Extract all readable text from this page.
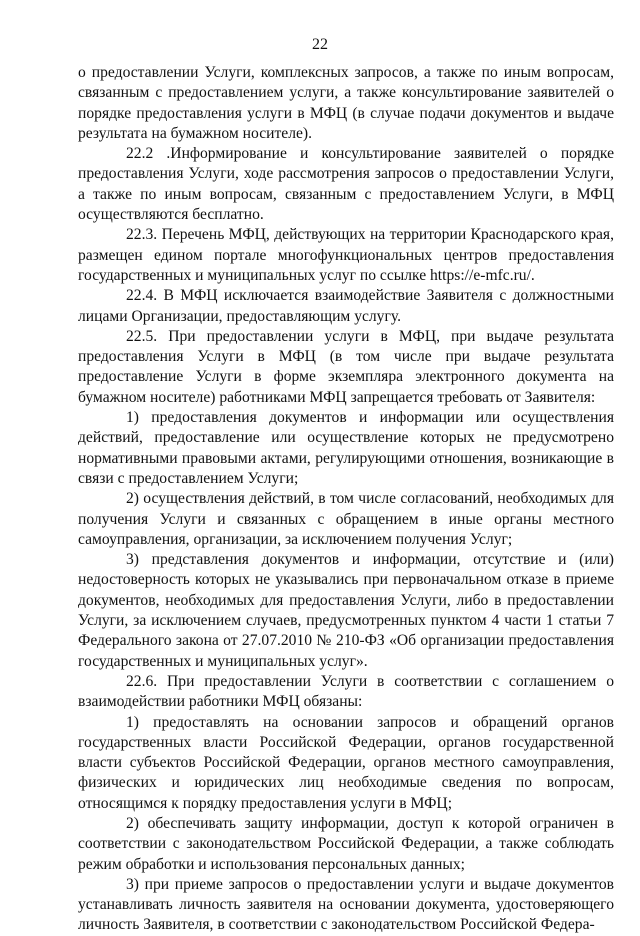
22

о предоставлении Услуги, комплексных запросов, а также по иным вопросам, связанным с предоставлением услуги, а также консультирование заявителей о порядке предоставления услуги в МФЦ (в случае подачи документов и выдаче результата на бумажном носителе).

22.2 .Информирование и консультирование заявителей о порядке предоставления Услуги, ходе рассмотрения запросов о предоставлении Услуги, а также по иным вопросам, связанным с предоставлением Услуги, в МФЦ осуществляются бесплатно.

22.3. Перечень МФЦ, действующих на территории Краснодарского края, размещен едином портале многофункциональных центров предоставления государственных и муниципальных услуг по ссылке https://e-mfc.ru/.

22.4. В МФЦ исключается взаимодействие Заявителя с должностными лицами Организации, предоставляющим услугу.

22.5. При предоставлении услуги в МФЦ, при выдаче результата предоставления Услуги в МФЦ (в том числе при выдаче результата предоставление Услуги в форме экземпляра электронного документа на бумажном носителе) работниками МФЦ запрещается требовать от Заявителя:

1) предоставления документов и информации или осуществления действий, предоставление или осуществление которых не предусмотрено нормативными правовыми актами, регулирующими отношения, возникающие в связи с предоставлением Услуги;

2) осуществления действий, в том числе согласований, необходимых для получения Услуги и связанных с обращением в иные органы местного самоуправления, организации, за исключением получения Услуг;

3) представления документов и информации, отсутствие и (или) недостоверность которых не указывались при первоначальном отказе в приеме документов, необходимых для предоставления Услуги, либо в предоставлении Услуги, за исключением случаев, предусмотренных пунктом 4 части 1 статьи 7 Федерального закона от 27.07.2010 № 210-ФЗ «Об организации предоставления государственных и муниципальных услуг».

22.6. При предоставлении Услуги в соответствии с соглашением о взаимодействии работники МФЦ обязаны:

1) предоставлять на основании запросов и обращений органов государственных власти Российской Федерации, органов государственной власти субъектов Российской Федерации, органов местного самоуправления, физических и юридических лиц необходимые сведения по вопросам, относящимся к порядку предоставления услуги в МФЦ;

2) обеспечивать защиту информации, доступ к которой ограничен в соответствии с законодательством Российской Федерации, а также соблюдать режим обработки и использования персональных данных;

3) при приеме запросов о предоставлении услуги и выдаче документов устанавливать личность заявителя на основании документа, удостоверяющего личность Заявителя, в соответствии с законодательством Российской Федера-
